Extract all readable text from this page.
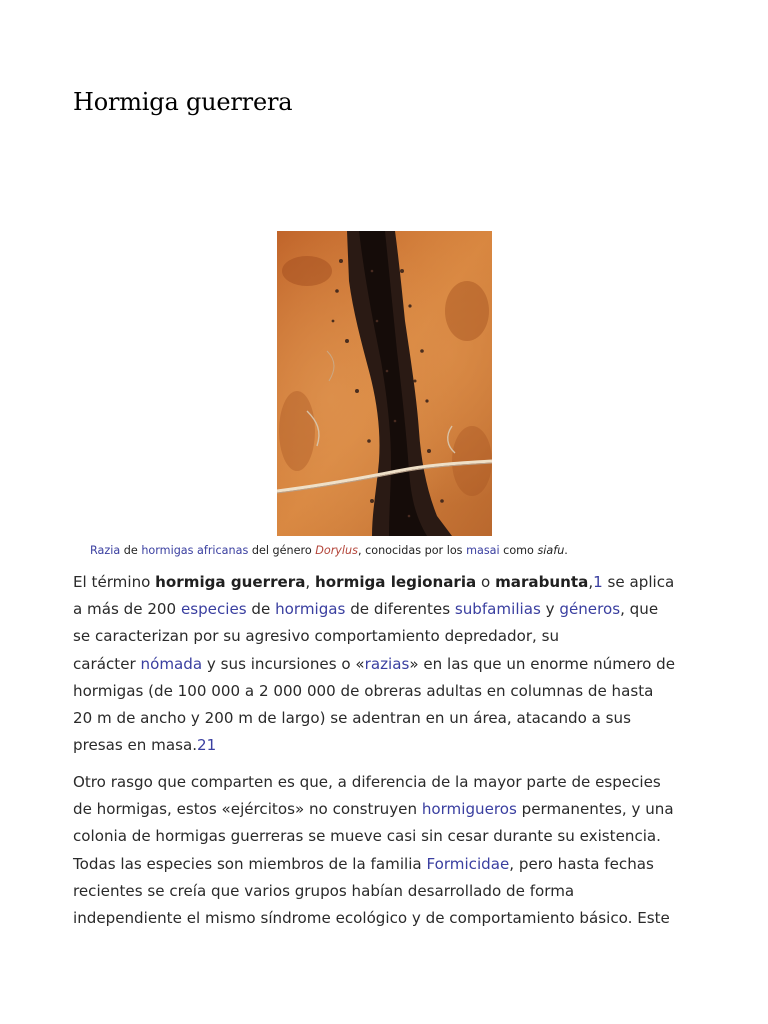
Hormiga guerrera
Razia de hormigas africanas del género Dorylus, conocidas por los masai como siafu.
El término hormiga guerrera, hormiga legionaria o marabunta,1 se aplica
a más de 200 especies de hormigas de diferentes subfamilias y géneros, que
se caracterizan por su agresivo comportamiento depredador, su
carácter nómada y sus incursiones o «razias» en las que un enorme número de
hormigas (de 100 000 a 2 000 000 de obreras adultas en columnas de hasta
20 m de ancho y 200 m de largo) se adentran en un área, atacando a sus
presas en masa.21
Otro rasgo que comparten es que, a diferencia de la mayor parte de especies
de hormigas, estos «ejércitos» no construyen hormigueros permanentes, y una
colonia de hormigas guerreras se mueve casi sin cesar durante su existencia.
Todas las especies son miembros de la familia Formicidae, pero hasta fechas
recientes se creía que varios grupos habían desarrollado de forma
independiente el mismo síndrome ecológico y de comportamiento básico. Este
